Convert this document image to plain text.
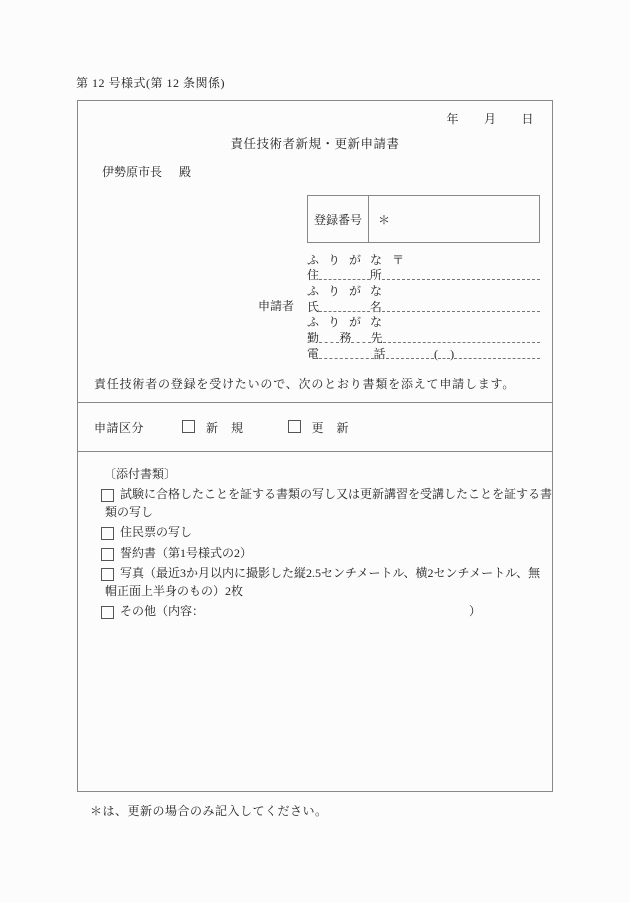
第 12 号様式(第 12 条関係)
年　　月　　日
責任技術者新規・更新申請書
伊勢原市長 殿
登録番号	＊
申請者
ふ り が な 〒
住	所
ふ り が な
氏	名
ふ り が な
勤 務 先
電	話	( )
責任技術者の登録を受けたいので、次のとおり書類を添えて申請します。
申請区分	新　規	更　新
〔添付書類〕
試験に合格したことを証する書類の写し又は更新講習を受講したことを証する書
類の写し
住民票の写し
誓約書（第1号様式の2）
写真（最近3か月以内に撮影した縦2.5センチメートル、横2センチメートル、無
帽正面上半身のもの）2枚
その他（内容：	）
＊は、更新の場合のみ記入してください。
